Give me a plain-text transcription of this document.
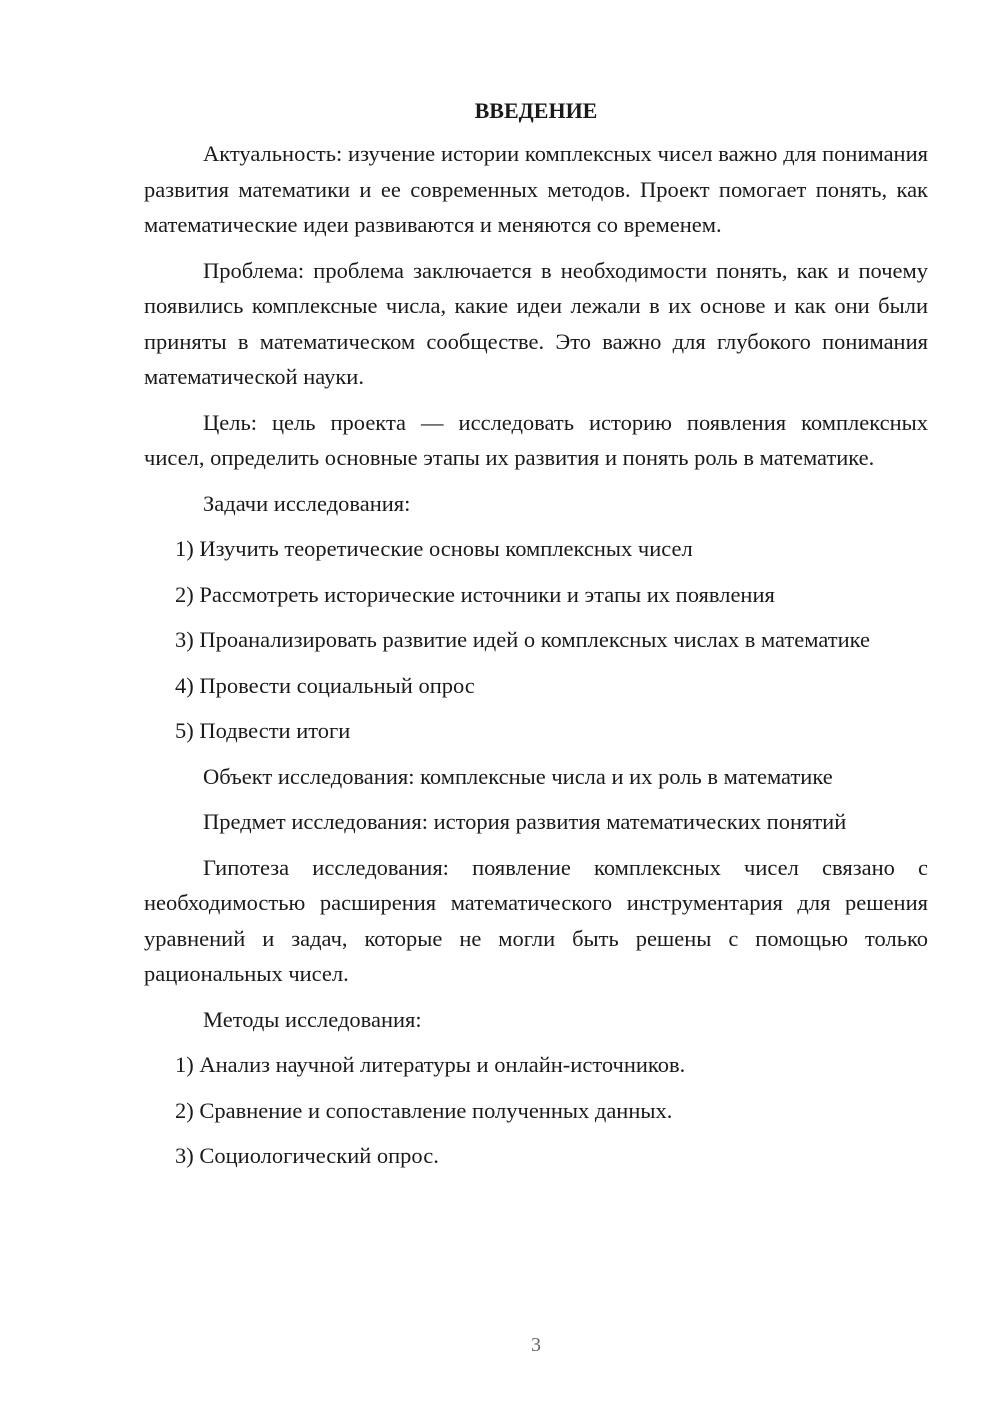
ВВЕДЕНИЕ

Актуальность: изучение истории комплексных чисел важно для понимания развития математики и ее современных методов. Проект помогает понять, как математические идеи развиваются и меняются со временем.

Проблема: проблема заключается в необходимости понять, как и почему появились комплексные числа, какие идеи лежали в их основе и как они были приняты в математическом сообществе. Это важно для глубокого понимания математической науки.

Цель: цель проекта — исследовать историю появления комплексных чисел, определить основные этапы их развития и понять роль в математике.

Задачи исследования:

1) Изучить теоретические основы комплексных чисел

2) Рассмотреть исторические источники и этапы их появления

3) Проанализировать развитие идей о комплексных числах в математике

4) Провести социальный опрос

5) Подвести итоги

Объект исследования: комплексные числа и их роль в математике

Предмет исследования: история развития математических понятий

Гипотеза исследования: появление комплексных чисел связано с необходимостью расширения математического инструментария для решения уравнений и задач, которые не могли быть решены с помощью только рациональных чисел.

Методы исследования:

1) Анализ научной литературы и онлайн-источников.

2) Сравнение и сопоставление полученных данных.

3) Социологический опрос.

3
